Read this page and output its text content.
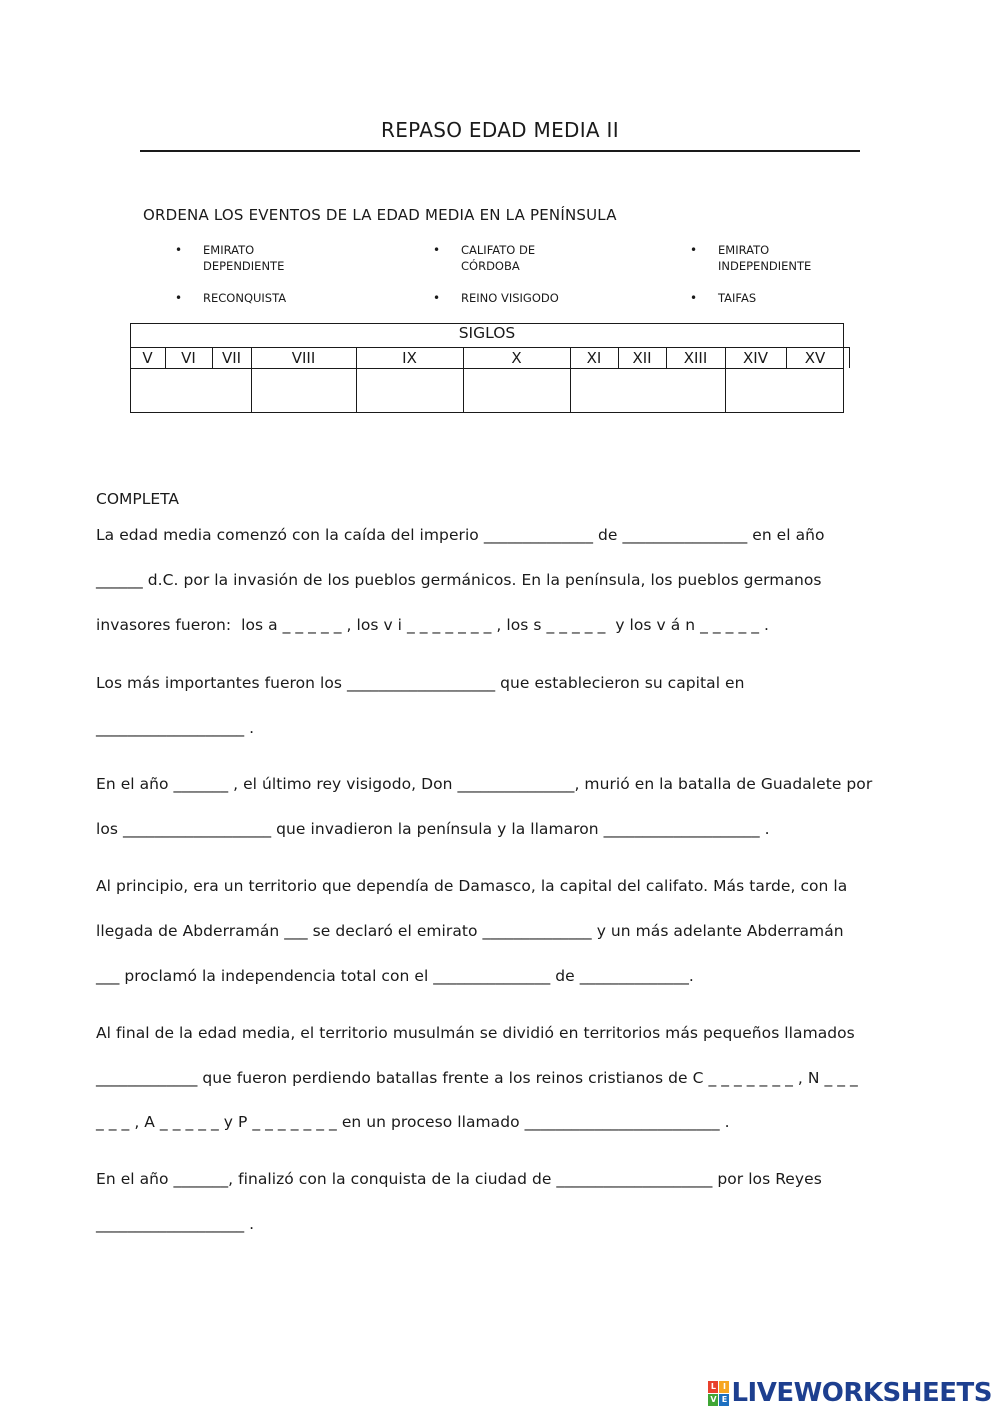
REPASO EDAD MEDIA II
ORDENA LOS EVENTOS DE LA EDAD MEDIA EN LA PENÍNSULA
• EMIRATO
DEPENDIENTE
• CALIFATO DE
CÓRDOBA
• EMIRATO
INDEPENDIENTE
• RECONQUISTA	• REINO VISIGODO	• TAIFAS
SIGLOS
V	VI	VII	VIII	IX	X	XI	XII	XIII	XIV	XV
COMPLETA
La edad media comenzó con la caída del imperio ______________ de ________________ en el año
______ d.C. por la invasión de los pueblos germánicos. En la península, los pueblos germanos
invasores fueron:  los a _ _ _ _ _ , los v i _ _ _ _ _ _ _ , los s _ _ _ _ _  y los v á n _ _ _ _ _ .
Los más importantes fueron los ___________________ que establecieron su capital en
___________________ .
En el año _______ , el último rey visigodo, Don _______________, murió en la batalla de Guadalete por
los ___________________ que invadieron la península y la llamaron ____________________ .
Al principio, era un territorio que dependía de Damasco, la capital del califato. Más tarde, con la
llegada de Abderramán ___ se declaró el emirato ______________ y un más adelante Abderramán
___ proclamó la independencia total con el _______________ de ______________.
Al final de la edad media, el territorio musulmán se dividió en territorios más pequeños llamados
_____________ que fueron perdiendo batallas frente a los reinos cristianos de C _ _ _ _ _ _ _ , N _ _ _
_ _ _ , A _ _ _ _ _ y P _ _ _ _ _ _ _ en un proceso llamado _________________________ .
En el año _______, finalizó con la conquista de la ciudad de ____________________ por los Reyes
___________________ .
L I
V E LIVEWORKSHEETS
